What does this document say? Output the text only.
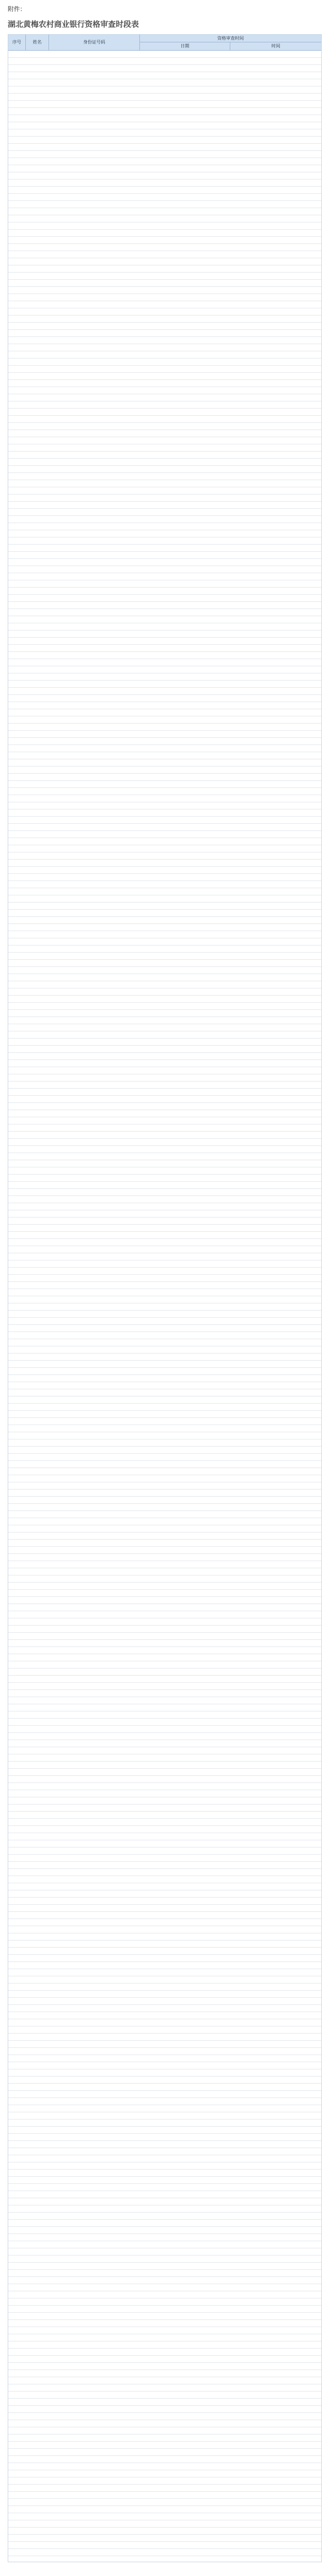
附件：
湖北黄梅农村商业银行资格审查时段表
序号	姓名	身份证号码
资格审查时间
日期	时间
